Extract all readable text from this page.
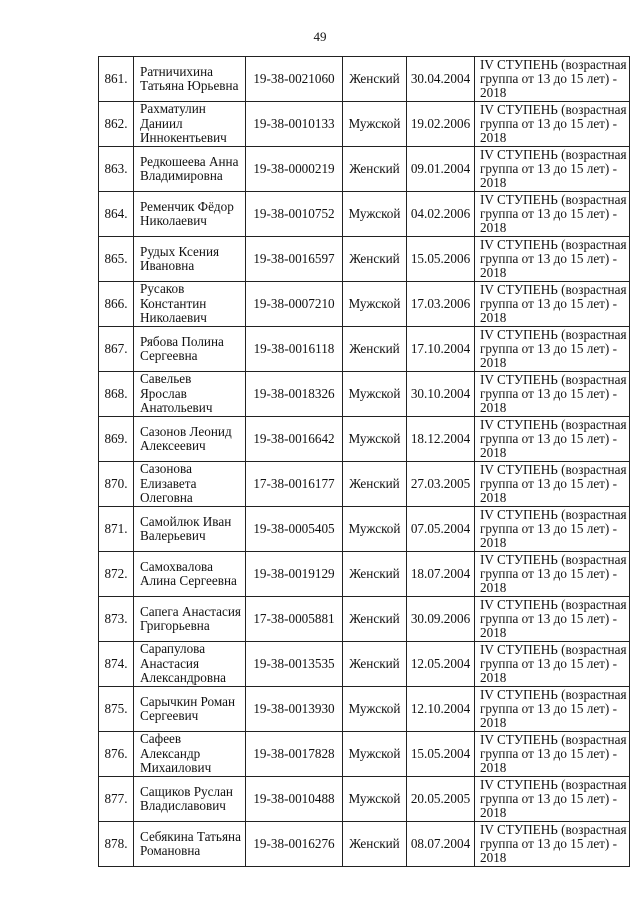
49
861.	Ратничихина Татьяна Юрьевна	19-38-0021060	Женский	30.04.2004	IV СТУПЕНЬ (возрастная группа от 13 до 15 лет) - 2018
862.	Рахматулин Даниил Иннокентьевич	19-38-0010133	Мужской	19.02.2006	IV СТУПЕНЬ (возрастная группа от 13 до 15 лет) - 2018
863.	Редкошеева Анна Владимировна	19-38-0000219	Женский	09.01.2004	IV СТУПЕНЬ (возрастная группа от 13 до 15 лет) - 2018
864.	Ременчик Фёдор Николаевич	19-38-0010752	Мужской	04.02.2006	IV СТУПЕНЬ (возрастная группа от 13 до 15 лет) - 2018
865.	Рудых Ксения Ивановна	19-38-0016597	Женский	15.05.2006	IV СТУПЕНЬ (возрастная группа от 13 до 15 лет) - 2018
866.	Русаков Константин Николаевич	19-38-0007210	Мужской	17.03.2006	IV СТУПЕНЬ (возрастная группа от 13 до 15 лет) - 2018
867.	Рябова Полина Сергеевна	19-38-0016118	Женский	17.10.2004	IV СТУПЕНЬ (возрастная группа от 13 до 15 лет) - 2018
868.	Савельев Ярослав Анатольевич	19-38-0018326	Мужской	30.10.2004	IV СТУПЕНЬ (возрастная группа от 13 до 15 лет) - 2018
869.	Сазонов Леонид Алексеевич	19-38-0016642	Мужской	18.12.2004	IV СТУПЕНЬ (возрастная группа от 13 до 15 лет) - 2018
870.	Сазонова Елизавета Олеговна	17-38-0016177	Женский	27.03.2005	IV СТУПЕНЬ (возрастная группа от 13 до 15 лет) - 2018
871.	Самойлюк Иван Валерьевич	19-38-0005405	Мужской	07.05.2004	IV СТУПЕНЬ (возрастная группа от 13 до 15 лет) - 2018
872.	Самохвалова Алина Сергеевна	19-38-0019129	Женский	18.07.2004	IV СТУПЕНЬ (возрастная группа от 13 до 15 лет) - 2018
873.	Сапега Анастасия Григорьевна	17-38-0005881	Женский	30.09.2006	IV СТУПЕНЬ (возрастная группа от 13 до 15 лет) - 2018
874.	Сарапулова Анастасия Александровна	19-38-0013535	Женский	12.05.2004	IV СТУПЕНЬ (возрастная группа от 13 до 15 лет) - 2018
875.	Сарычкин Роман Сергеевич	19-38-0013930	Мужской	12.10.2004	IV СТУПЕНЬ (возрастная группа от 13 до 15 лет) - 2018
876.	Сафеев Александр Михаилович	19-38-0017828	Мужской	15.05.2004	IV СТУПЕНЬ (возрастная группа от 13 до 15 лет) - 2018
877.	Сащиков Руслан Владиславович	19-38-0010488	Мужской	20.05.2005	IV СТУПЕНЬ (возрастная группа от 13 до 15 лет) - 2018
878.	Себякина Татьяна Романовна	19-38-0016276	Женский	08.07.2004	IV СТУПЕНЬ (возрастная группа от 13 до 15 лет) - 2018
